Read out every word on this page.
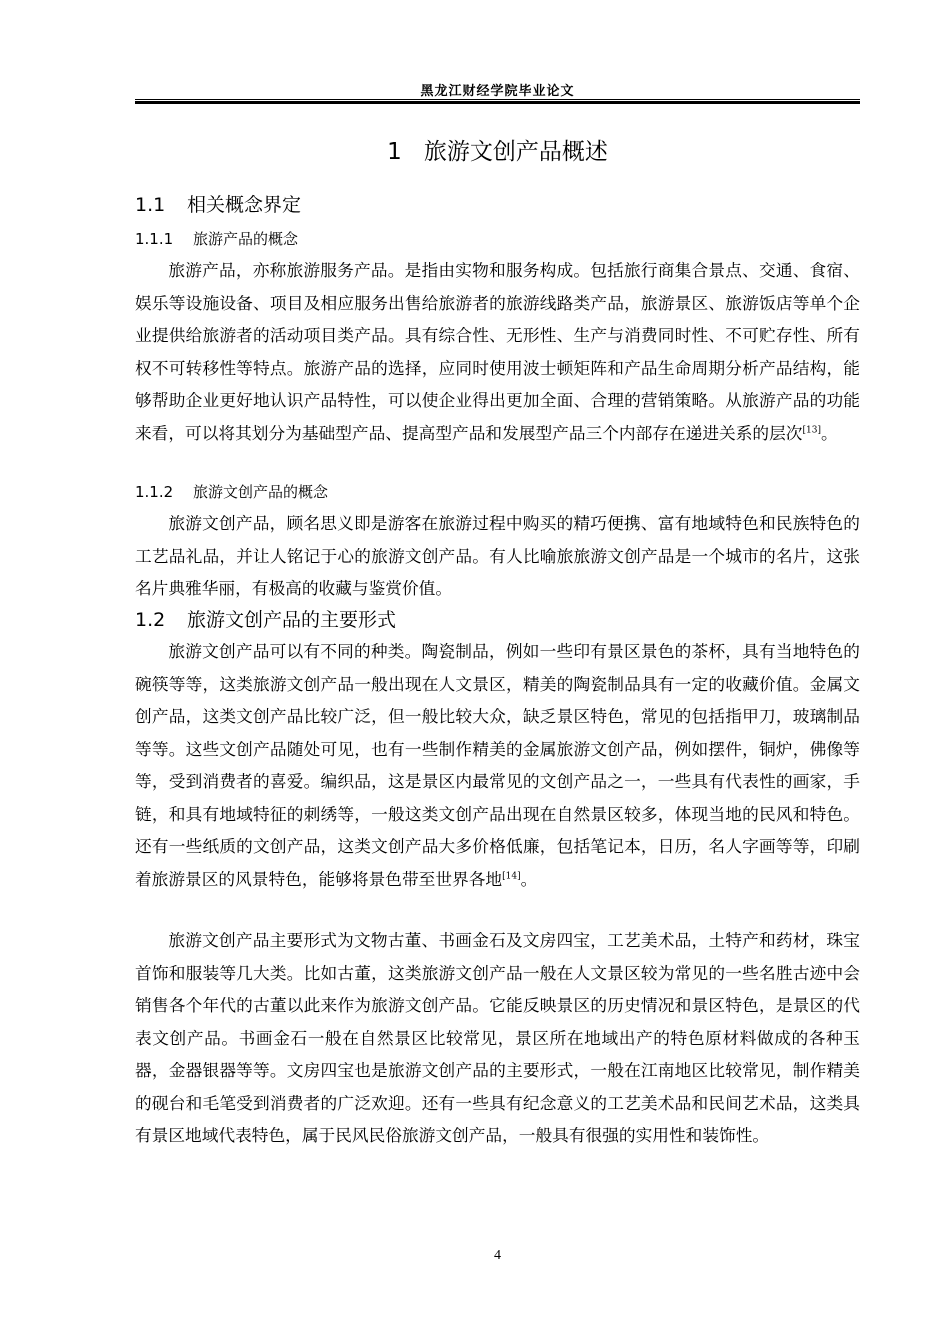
黑龙江财经学院毕业论文
1 旅游文创产品概述
1.1 相关概念界定
1.1.1 旅游产品的概念

旅游产品，亦称旅游服务产品。是指由实物和服务构成。包括旅行商集合景点、交通、食宿、娱乐等设施设备、项目及相应服务出售给旅游者的旅游线路类产品，旅游景区、旅游饭店等单个企业提供给旅游者的活动项目类产品。具有综合性、无形性、生产与消费同时性、不可贮存性、所有权不可转移性等特点。旅游产品的选择，应同时使用波士顿矩阵和产品生命周期分析产品结构，能够帮助企业更好地认识产品特性，可以使企业得出更加全面、合理的营销策略。从旅游产品的功能来看，可以将其划分为基础型产品、提高型产品和发展型产品三个内部存在递进关系的层次[13]。

1.1.2 旅游文创产品的概念

旅游文创产品，顾名思义即是游客在旅游过程中购买的精巧便携、富有地域特色和民族特色的工艺品礼品，并让人铭记于心的旅游文创产品。有人比喻旅旅游文创产品是一个城市的名片，这张名片典雅华丽，有极高的收藏与鉴赏价值。

1.2 旅游文创产品的主要形式

旅游文创产品可以有不同的种类。陶瓷制品，例如一些印有景区景色的茶杯，具有当地特色的碗筷等等，这类旅游文创产品一般出现在人文景区，精美的陶瓷制品具有一定的收藏价值。金属文创产品，这类文创产品比较广泛，但一般比较大众，缺乏景区特色，常见的包括指甲刀，玻璃制品等等。这些文创产品随处可见，也有一些制作精美的金属旅游文创产品，例如摆件，铜炉，佛像等等，受到消费者的喜爱。编织品，这是景区内最常见的文创产品之一，一些具有代表性的画家，手链，和具有地域特征的刺绣等，一般这类文创产品出现在自然景区较多，体现当地的民风和特色。还有一些纸质的文创产品，这类文创产品大多价格低廉，包括笔记本，日历，名人字画等等，印刷着旅游景区的风景特色，能够将景色带至世界各地[14]。

旅游文创产品主要形式为文物古董、书画金石及文房四宝，工艺美术品，土特产和药材，珠宝首饰和服装等几大类。比如古董，这类旅游文创产品一般在人文景区较为常见的一些名胜古迹中会销售各个年代的古董以此来作为旅游文创产品。它能反映景区的历史情况和景区特色，是景区的代表文创产品。书画金石一般在自然景区比较常见，景区所在地域出产的特色原材料做成的各种玉器，金器银器等等。文房四宝也是旅游文创产品的主要形式，一般在江南地区比较常见，制作精美的砚台和毛笔受到消费者的广泛欢迎。还有一些具有纪念意义的工艺美术品和民间艺术品，这类具有景区地域代表特色，属于民风民俗旅游文创产品，一般具有很强的实用性和装饰性。

4
